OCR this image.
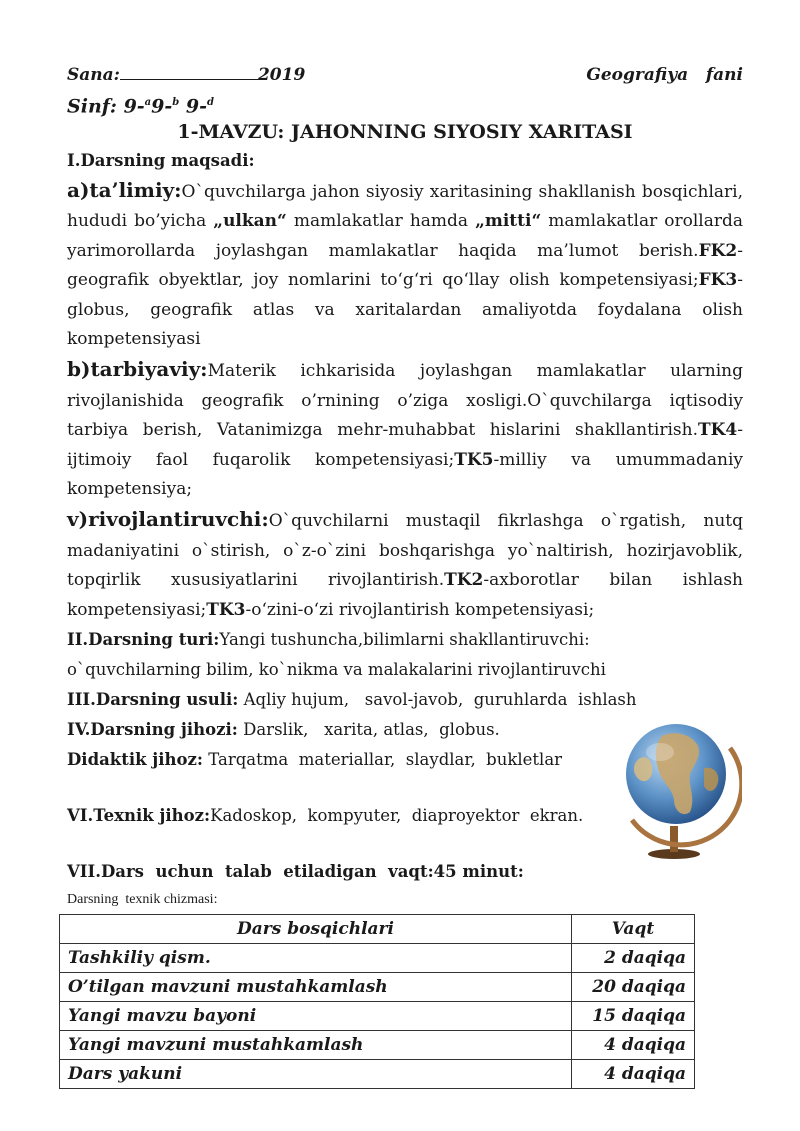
Sana:	2019	Geografiya   fani
Sinf: 9-$^a$9-$^b$ 9-$^d$
1-MAVZU: JAHONNING SIYOSIY XARITASI
I.Darsning maqsadi:

a)ta’limiy:O`quvchilarga jahon siyosiy xaritasining shakllanish bosqichlari, hududi bo’yicha „ulkan“ mamlakatlar hamda „mitti“ mamlakatlar orollarda yarimorollarda joylashgan mamlakatlar haqida ma’lumot berish.FK2-geografik obyektlar, joy nomlarini to‘g‘ri qo‘llay olish kompetensiyasi;FK3-globus, geografik atlas va xaritalardan amaliyotda foydalana olish kompetensiyasi

b)tarbiyaviy:Materik ichkarisida joylashgan mamlakatlar ularning rivojlanishida geografik o’rnining o’ziga xosligi.O`quvchilarga iqtisodiy tarbiya berish, Vatanimizga mehr-muhabbat hislarini shakllantirish.TK4-ijtimoiy faol fuqarolik kompetensiyasi;TK5-milliy va umummadaniy kompetensiya;

v)rivojlantiruvchi:O`quvchilarni mustaqil fikrlashga o`rgatish, nutq madaniyatini o`stirish, o`z-o`zini boshqarishga yo`naltirish, hozirjavoblik, topqirlik xususiyatlarini rivojlantirish.TK2-axborotlar bilan ishlash kompetensiyasi;TK3-o‘zini-o‘zi rivojlantirish kompetensiyasi;

II.Darsning turi:Yangi tushuncha,bilimlarni shakllantiruvchi:
o`quvchilarning bilim, ko`nikma va malakalarini rivojlantiruvchi
III.Darsning usuli: Aqliy hujum,   savol-javob,  guruhlarda  ishlash
IV.Darsning jihozi: Darslik,   xarita, atlas,  globus.
Didaktik jihoz: Tarqatma  materiallar,  slaydlar,  bukletlar
VI.Texnik jihoz:Kadoskop,  kompyuter,  diaproyektor  ekran.
VII.Dars  uchun  talab  etiladigan  vaqt:45 minut:
Darsning  texnik chizmasi:
Dars bosqichlari	Vaqt
Tashkiliy qism.	2 daqiqa
O’tilgan mavzuni mustahkamlash	20 daqiqa
Yangi mavzu bayoni	15 daqiqa
Yangi mavzuni mustahkamlash	4 daqiqa
Dars yakuni	4 daqiqa
